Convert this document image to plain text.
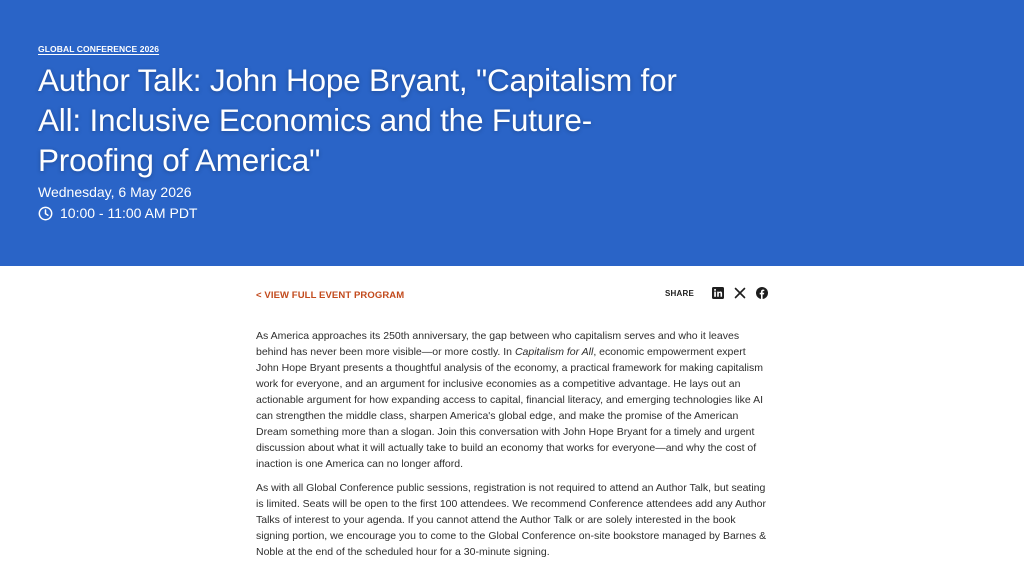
GLOBAL CONFERENCE 2026
Author Talk: John Hope Bryant, "Capitalism for All: Inclusive Economics and the Future-Proofing of America"
Wednesday, 6 May 2026
10:00 - 11:00 AM PDT
< VIEW FULL EVENT PROGRAM	SHARE

As America approaches its 250th anniversary, the gap between who capitalism serves and who it leaves behind has never been more visible—or more costly. In Capitalism for All, economic empowerment expert John Hope Bryant presents a thoughtful analysis of the economy, a practical framework for making capitalism work for everyone, and an argument for inclusive economies as a competitive advantage. He lays out an actionable argument for how expanding access to capital, financial literacy, and emerging technologies like AI can strengthen the middle class, sharpen America's global edge, and make the promise of the American Dream something more than a slogan. Join this conversation with John Hope Bryant for a timely and urgent discussion about what it will actually take to build an economy that works for everyone—and why the cost of inaction is one America can no longer afford.

As with all Global Conference public sessions, registration is not required to attend an Author Talk, but seating is limited. Seats will be open to the first 100 attendees. We recommend Conference attendees add any Author Talks of interest to your agenda. If you cannot attend the Author Talk or are solely interested in the book signing portion, we encourage you to come to the Global Conference on-site bookstore managed by Barnes & Noble at the end of the scheduled hour for a 30-minute signing.
